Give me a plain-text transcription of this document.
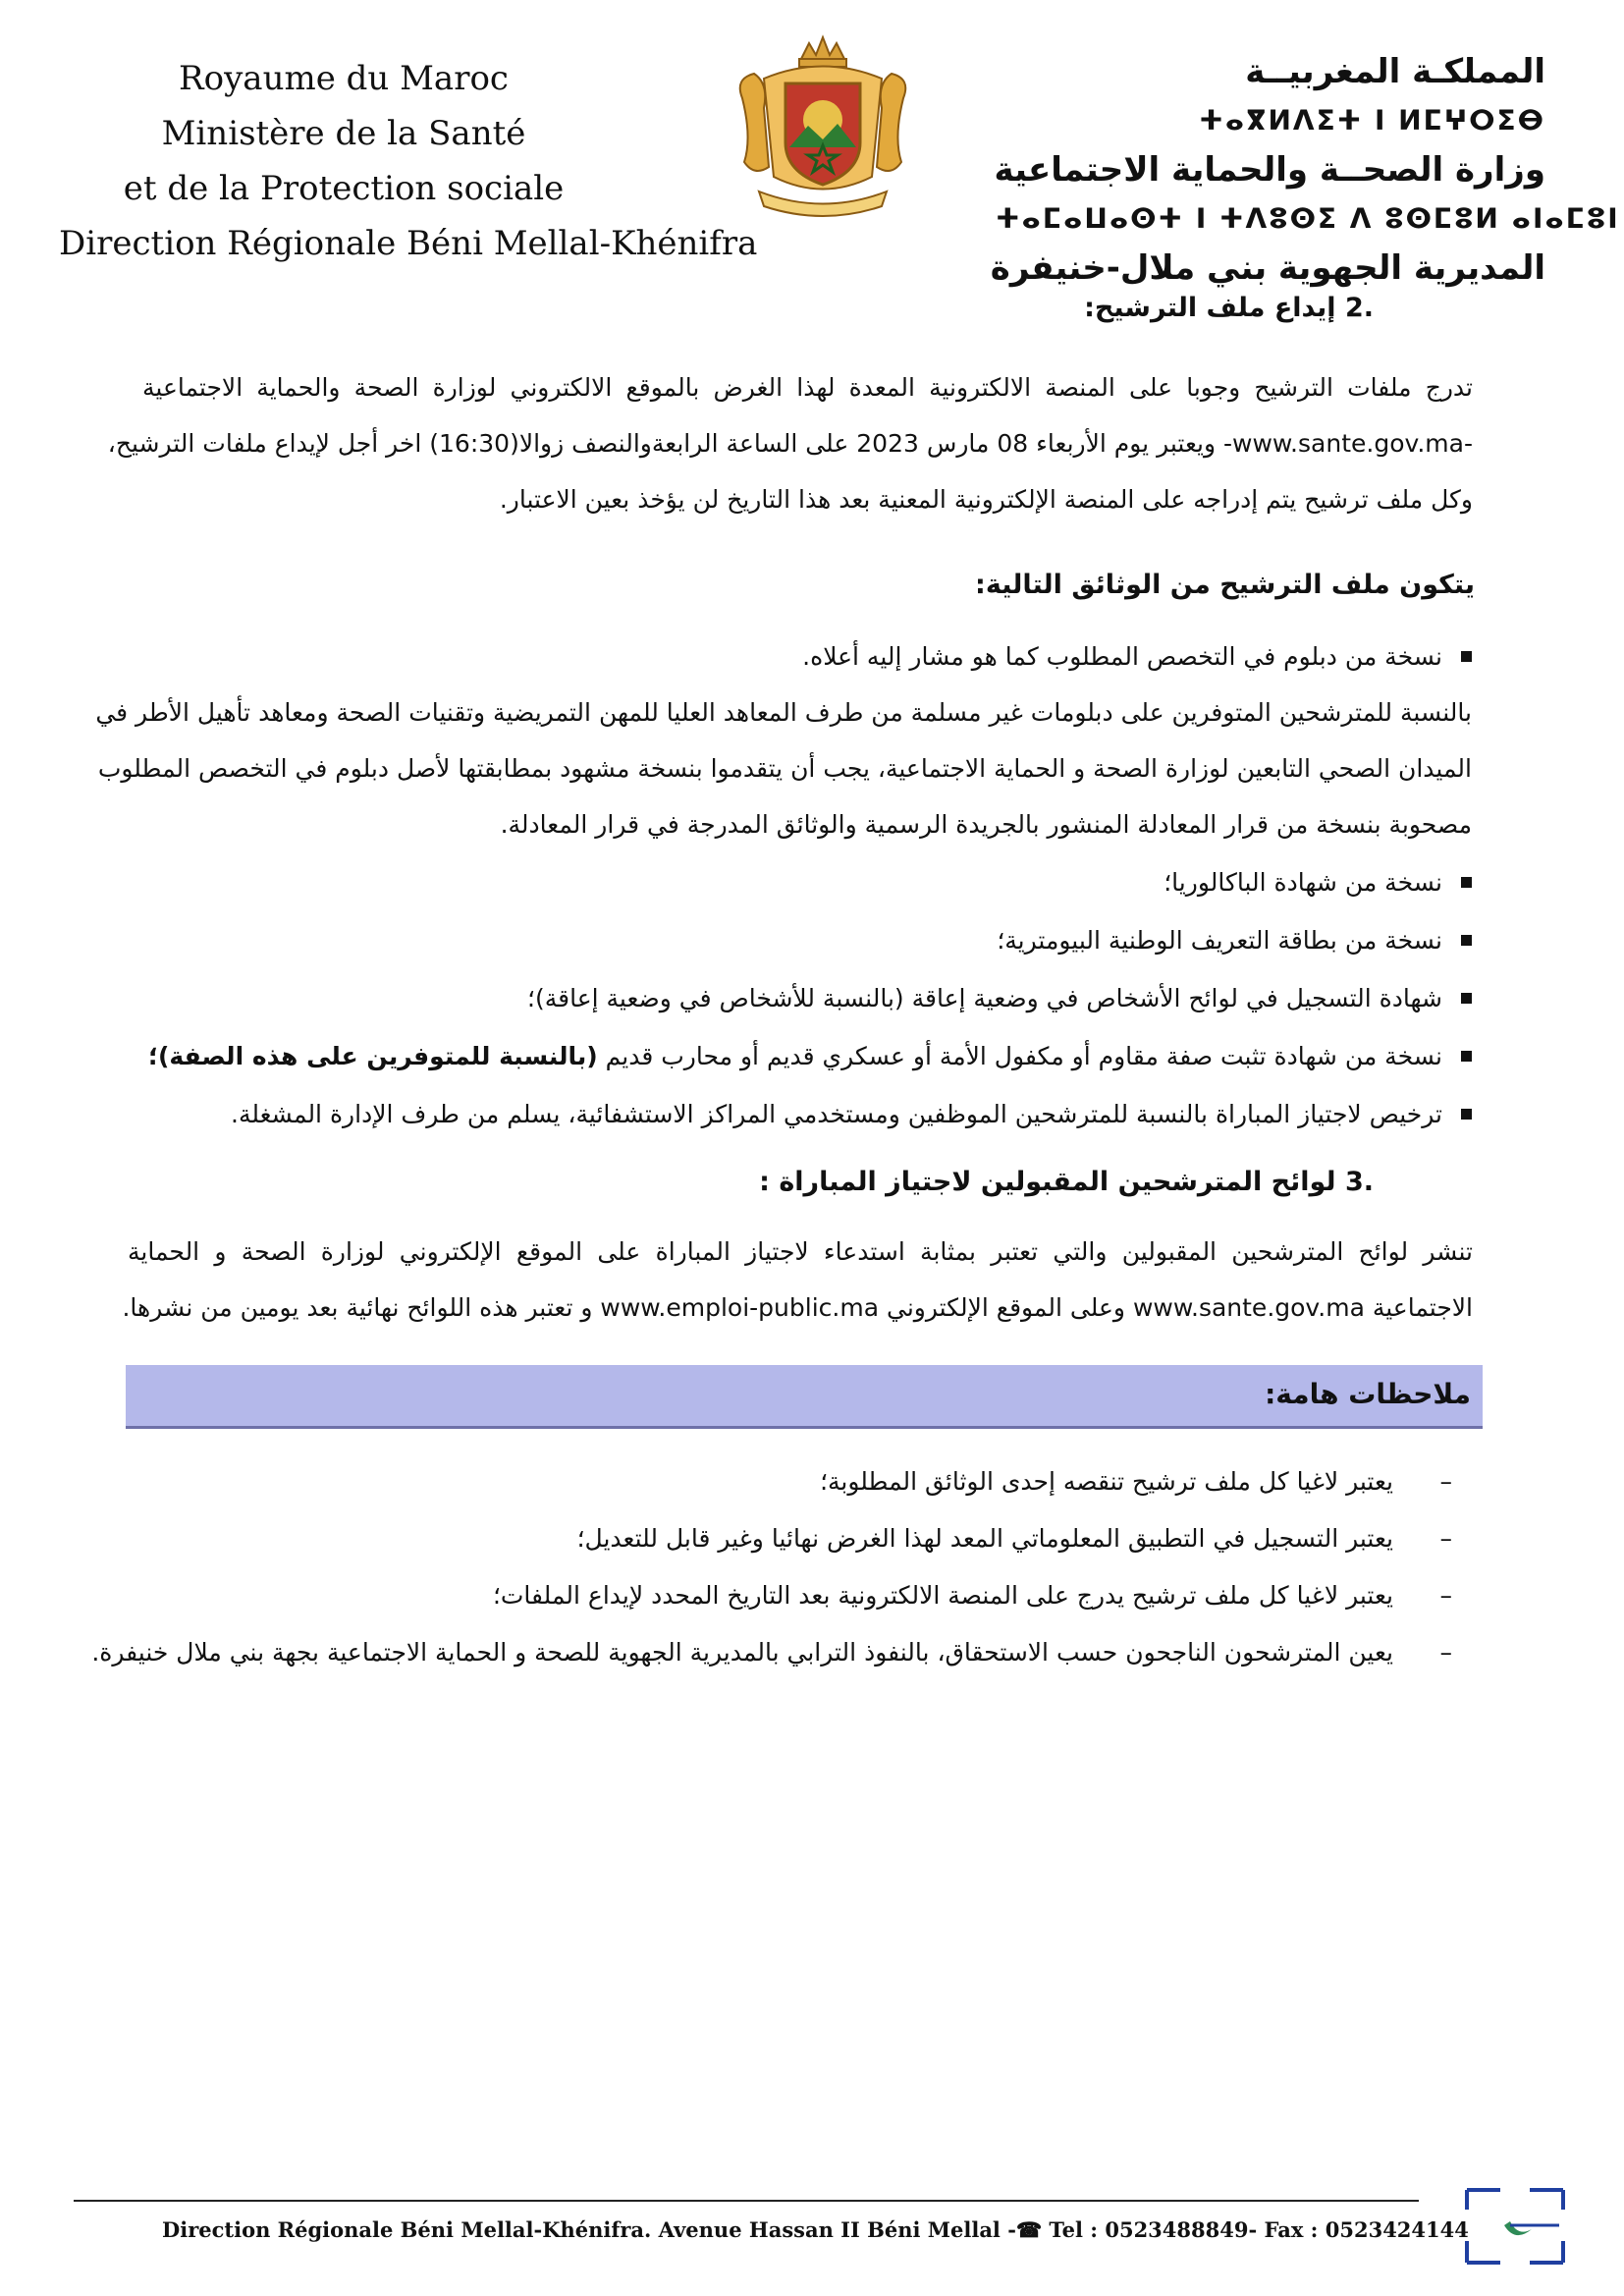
Royaume du Maroc
Ministère de la Santé
et de la Protection sociale
Direction Régionale Béni Mellal-Khénifra
المملكـة المغربيــة
ⵜⴰⴳⵍⴷⵉⵜ ⵏ ⵍⵎⵖⵔⵉⴱ
وزارة الصحــة والحماية الاجتماعية
ⵜⴰⵎⴰⵡⴰⵙⵜ ⵏ ⵜⴷⵓⵙⵉ ⴷ ⵓⵙⵎⵓⵍ ⴰⵏⴰⵎⵓⵏ
المديرية الجهوية بني ملال-خنيفرة
.2 إيداع ملف الترشيح:
تدرج ملفات الترشيح وجوبا على المنصة الالكترونية المعدة لهذا الغرض بالموقع الالكتروني لوزارة الصحة والحماية الاجتماعية
-www.sante.gov.ma- ويعتبر يوم الأربعاء 08 مارس 2023 على الساعة الرابعةوالنصف زوالا(16:30) اخر أجل لإيداع ملفات الترشيح،
وكل ملف ترشيح يتم إدراجه على المنصة الإلكترونية المعنية بعد هذا التاريخ لن يؤخذ بعين الاعتبار.
يتكون ملف الترشيح من الوثائق التالية:
نسخة من دبلوم في التخصص المطلوب كما هو مشار إليه أعلاه.
بالنسبة للمترشحين المتوفرين على دبلومات غير مسلمة من طرف المعاهد العليا للمهن التمريضية وتقنيات الصحة ومعاهد تأهيل الأطر في
الميدان الصحي التابعين لوزارة الصحة و الحماية الاجتماعية، يجب أن يتقدموا بنسخة مشهود بمطابقتها لأصل دبلوم في التخصص المطلوب
مصحوبة بنسخة من قرار المعادلة المنشور بالجريدة الرسمية والوثائق المدرجة في قرار المعادلة.
نسخة من شهادة الباكالوريا؛
نسخة من بطاقة التعريف الوطنية البيومترية؛
شهادة التسجيل في لوائح الأشخاص في وضعية إعاقة (بالنسبة للأشخاص في وضعية إعاقة)؛
نسخة من شهادة تثبت صفة مقاوم أو مكفول الأمة أو عسكري قديم أو محارب قديم (بالنسبة للمتوفرين على هذه الصفة)؛
ترخيص لاجتياز المباراة بالنسبة للمترشحين الموظفين ومستخدمي المراكز الاستشفائية، يسلم من طرف الإدارة المشغلة.
.3 لوائح المترشحين المقبولين لاجتياز المباراة :
تنشر لوائح المترشحين المقبولين والتي تعتبر بمثابة استدعاء لاجتياز المباراة على الموقع الإلكتروني لوزارة الصحة و الحماية
الاجتماعية www.sante.gov.ma وعلى الموقع الإلكتروني www.emploi-public.ma و تعتبر هذه اللوائح نهائية بعد يومين من نشرها.
ملاحظات هامة:
–
يعتبر لاغيا كل ملف ترشيح تنقصه إحدى الوثائق المطلوبة؛
–
يعتبر التسجيل في التطبيق المعلوماتي المعد لهذا الغرض نهائيا وغير قابل للتعديل؛
–
يعتبر لاغيا كل ملف ترشيح يدرج على المنصة الالكترونية بعد التاريخ المحدد لإيداع الملفات؛
–
يعين المترشحون الناجحون حسب الاستحقاق، بالنفوذ الترابي بالمديرية الجهوية للصحة و الحماية الاجتماعية بجهة بني ملال خنيفرة.
Direction Régionale Béni Mellal-Khénifra. Avenue Hassan II Béni Mellal -☎ Tel : 0523488849- Fax : 0523424144
